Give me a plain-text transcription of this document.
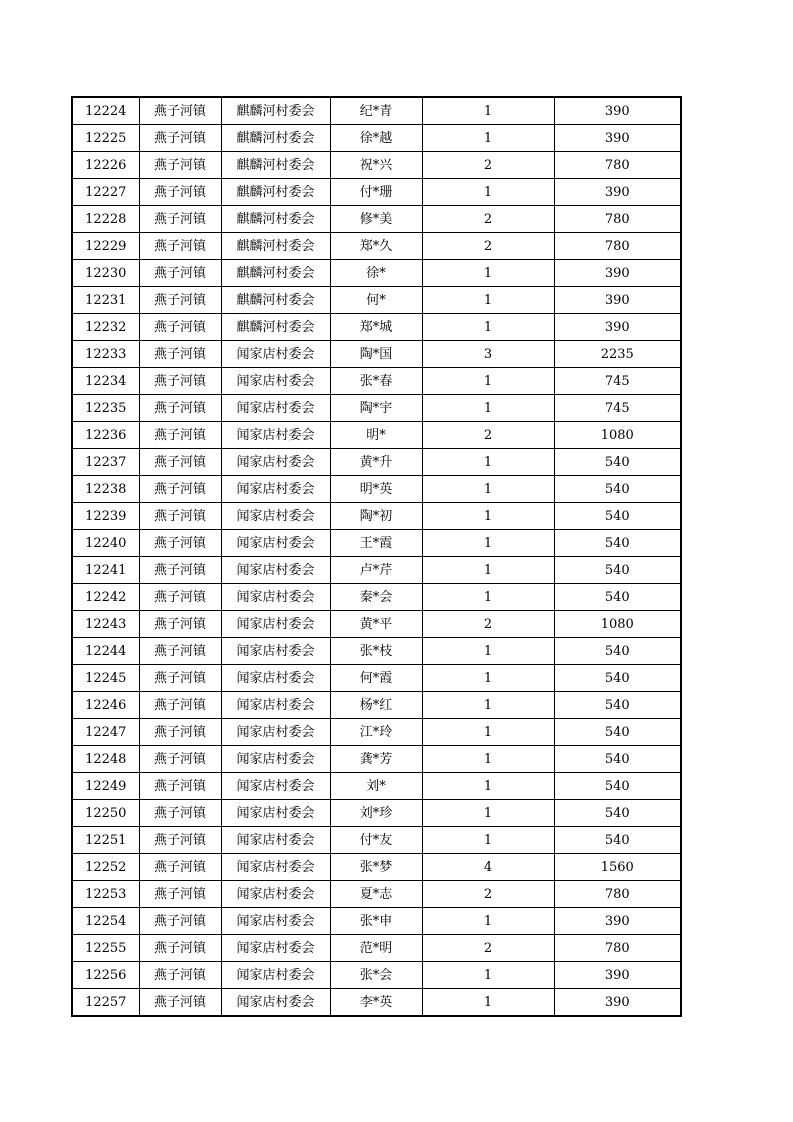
12224	燕子河镇	麒麟河村委会	纪*青	1	390
12225	燕子河镇	麒麟河村委会	徐*越	1	390
12226	燕子河镇	麒麟河村委会	祝*兴	2	780
12227	燕子河镇	麒麟河村委会	付*珊	1	390
12228	燕子河镇	麒麟河村委会	修*美	2	780
12229	燕子河镇	麒麟河村委会	郑*久	2	780
12230	燕子河镇	麒麟河村委会	徐*	1	390
12231	燕子河镇	麒麟河村委会	何*	1	390
12232	燕子河镇	麒麟河村委会	郑*城	1	390
12233	燕子河镇	闻家店村委会	陶*国	3	2235
12234	燕子河镇	闻家店村委会	张*春	1	745
12235	燕子河镇	闻家店村委会	陶*宇	1	745
12236	燕子河镇	闻家店村委会	明*	2	1080
12237	燕子河镇	闻家店村委会	黄*升	1	540
12238	燕子河镇	闻家店村委会	明*英	1	540
12239	燕子河镇	闻家店村委会	陶*初	1	540
12240	燕子河镇	闻家店村委会	王*霞	1	540
12241	燕子河镇	闻家店村委会	卢*芹	1	540
12242	燕子河镇	闻家店村委会	秦*会	1	540
12243	燕子河镇	闻家店村委会	黄*平	2	1080
12244	燕子河镇	闻家店村委会	张*枝	1	540
12245	燕子河镇	闻家店村委会	何*霞	1	540
12246	燕子河镇	闻家店村委会	杨*红	1	540
12247	燕子河镇	闻家店村委会	江*玲	1	540
12248	燕子河镇	闻家店村委会	龚*芳	1	540
12249	燕子河镇	闻家店村委会	刘*	1	540
12250	燕子河镇	闻家店村委会	刘*珍	1	540
12251	燕子河镇	闻家店村委会	付*友	1	540
12252	燕子河镇	闻家店村委会	张*梦	4	1560
12253	燕子河镇	闻家店村委会	夏*志	2	780
12254	燕子河镇	闻家店村委会	张*申	1	390
12255	燕子河镇	闻家店村委会	范*明	2	780
12256	燕子河镇	闻家店村委会	张*会	1	390
12257	燕子河镇	闻家店村委会	李*英	1	390
